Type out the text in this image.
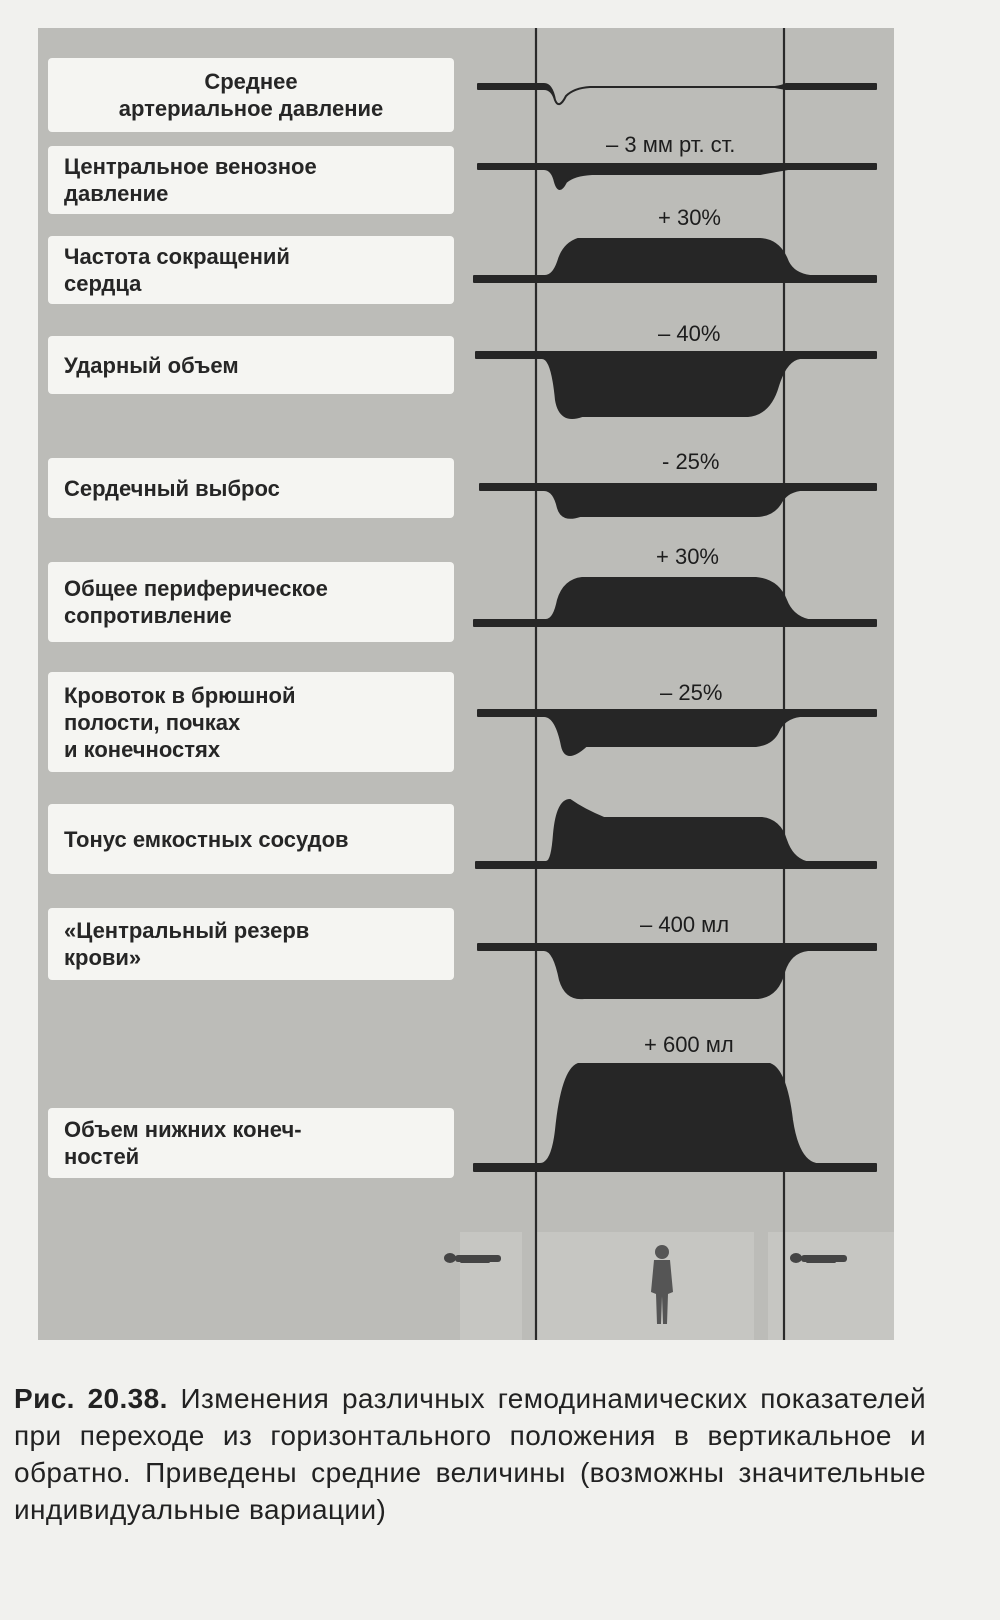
Среднее
артериальное давление
Центральное венозное
давление
Частота сокращений
сердца
Ударный объем
Сердечный выброс
Общее периферическое
сопротивление
Кровоток в брюшной
полости, почках
и конечностях
Тонус емкостных сосудов
«Центральный резерв
крови»
Объем нижних конеч-
ностей
– 3 мм рт. ст.
+ 30%
– 40%
- 25%
+ 30%
– 25%
– 400 мл
+ 600 мл
Рис. 20.38. Изменения различных гемодинамических показателей при переходе из горизонтального положения в вертикальное и обратно. Приведены средние величины (возможны значительные индивидуальные вариации)
